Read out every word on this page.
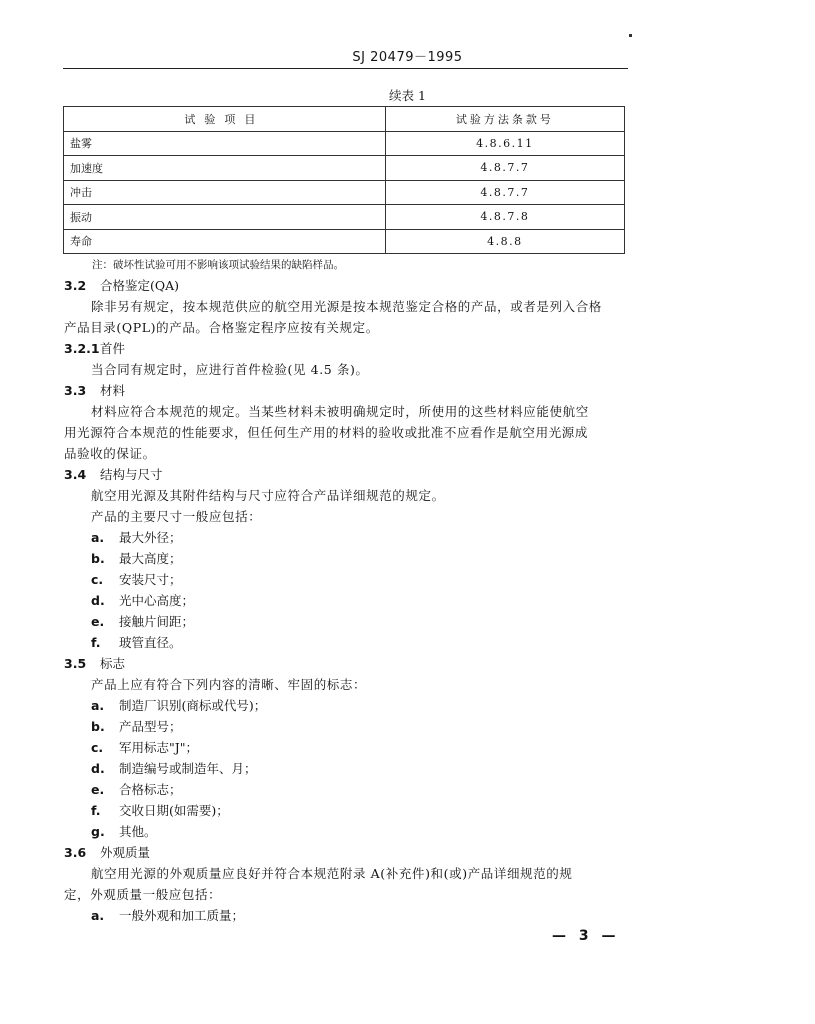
SJ 20479－1995
续表 1
试验项目	试验方法条款号
盐雾	4.8.6.11
加速度	4.8.7.7
冲击	4.8.7.7
振动	4.8.7.8
寿命	4.8.8
注：破坏性试验可用不影响该项试验结果的缺陷样品。
3.2 合格鉴定(QA)
除非另有规定，按本规范供应的航空用光源是按本规范鉴定合格的产品，或者是列入合格
产品目录(QPL)的产品。合格鉴定程序应按有关规定。
3.2.1首件
当合同有规定时，应进行首件检验(见 4.5 条)。
3.3 材料
材料应符合本规范的规定。当某些材料未被明确规定时，所使用的这些材料应能使航空
用光源符合本规范的性能要求，但任何生产用的材料的验收或批准不应看作是航空用光源成
品验收的保证。
3.4 结构与尺寸
航空用光源及其附件结构与尺寸应符合产品详细规范的规定。
产品的主要尺寸一般应包括：
a. 最大外径；
b. 最大高度；
c. 安装尺寸；
d. 光中心高度；
e. 接触片间距；
f. 玻管直径。
3.5 标志
产品上应有符合下列内容的清晰、牢固的标志：
a. 制造厂识别(商标或代号)；
b. 产品型号；
c. 军用标志"J"；
d. 制造编号或制造年、月；
e. 合格标志；
f. 交收日期(如需要)；
g. 其他。
3.6 外观质量
航空用光源的外观质量应良好并符合本规范附录 A(补充件)和(或)产品详细规范的规
定，外观质量一般应包括：
a. 一般外观和加工质量；
— 3 —
